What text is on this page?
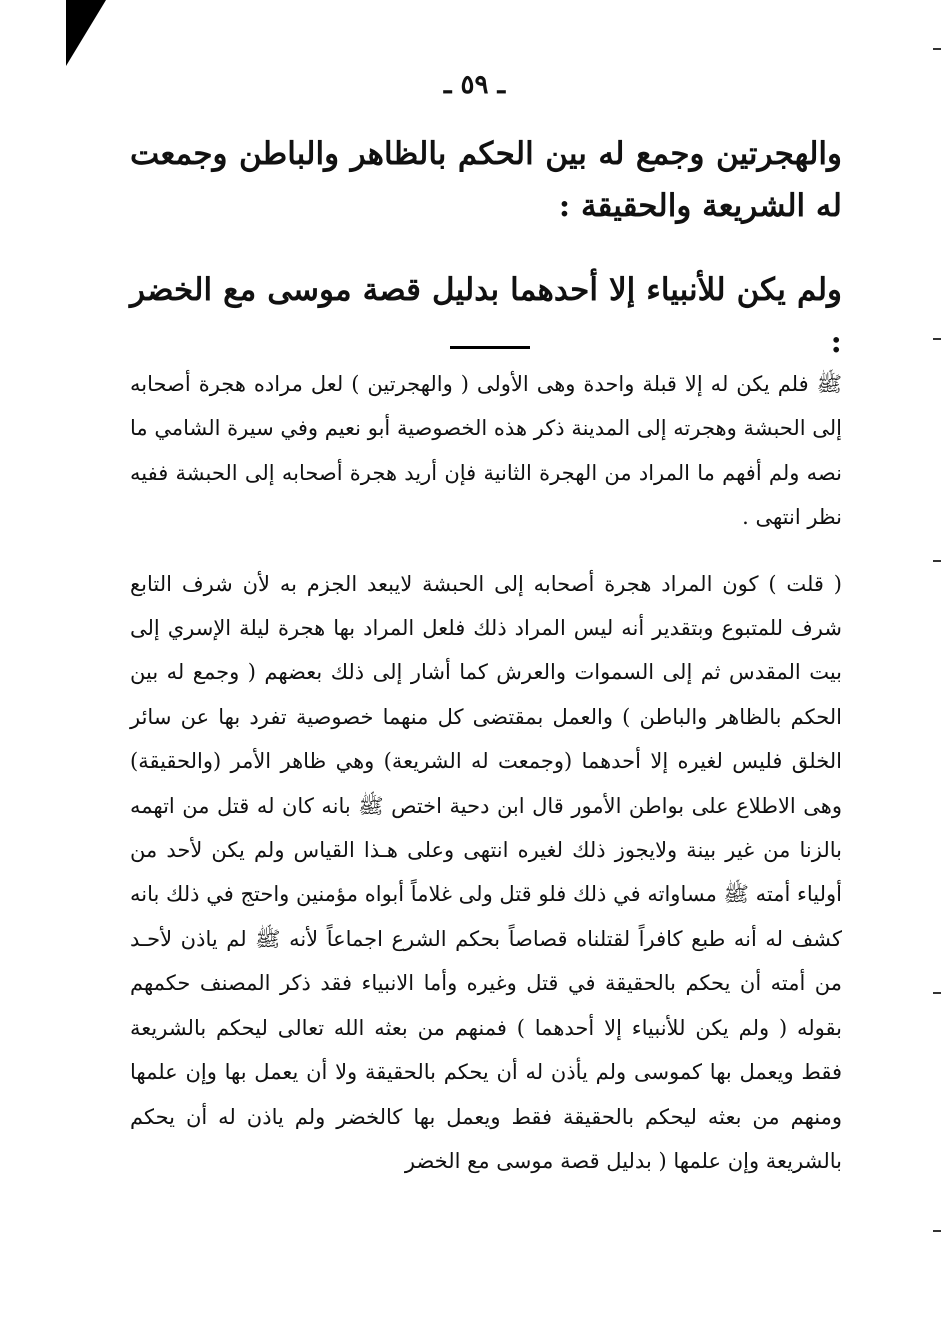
ـ ٥٩ ـ

والهجرتين وجمع له بين الحكم بالظاهر والباطن وجمعت له الشريعة والحقيقة :

ولم يكن للأنبياء إلا أحدهما بدليل قصة موسى مع الخضر :

ﷺ فلم يكن له إلا قبلة واحدة وهى الأولى ( والهجرتين ) لعل مراده هجرة أصحابه إلى الحبشة وهجرته إلى المدينة ذكر هذه الخصوصية أبو نعيم وفي سيرة الشامي ما نصه ولم أفهم ما المراد من الهجرة الثانية فإن أريد هجرة أصحابه إلى الحبشة ففيه نظر انتهى .

( قلت ) كون المراد هجرة أصحابه إلى الحبشة لايبعد الجزم به لأن شرف التابع شرف للمتبوع وبتقدير أنه ليس المراد ذلك فلعل المراد بها هجرة ليلة الإسري إلى بيت المقدس ثم إلى السموات والعرش كما أشار إلى ذلك بعضهم ( وجمع له بين الحكم بالظاهر والباطن ) والعمل بمقتضى كل منهما خصوصية تفرد بها عن سائر الخلق فليس لغيره إلا أحدهما (وجمعت له الشريعة) وهي ظاهر الأمر (والحقيقة) وهى الاطلاع على بواطن الأمور قال ابن دحية اختص ﷺ بانه كان له قتل من اتهمه بالزنا من غير بينة ولايجوز ذلك لغيره انتهى وعلى هـذا القياس ولم يكن لأحد من أولياء أمته ﷺ مساواته في ذلك فلو قتل ولى غلاماً أبواه مؤمنين واحتج في ذلك بانه كشف له أنه طبع كافراً لقتلناه قصاصاً بحكم الشرع اجماعاً لأنه ﷺ لم ياذن لأحـد من أمته أن يحكم بالحقيقة في قتل وغيره وأما الانبياء فقد ذكر المصنف حكمهم بقوله ( ولم يكن للأنبياء إلا أحدهما ) فمنهم من بعثه الله تعالى ليحكم بالشريعة فقط ويعمل بها كموسى ولم يأذن له أن يحكم بالحقيقة ولا أن يعمل بها وإن علمها ومنهم من بعثه ليحكم بالحقيقة فقط ويعمل بها كالخضر ولم ياذن له أن يحكم بالشريعة وإن علمها ( بدليل قصة موسى مع الخضر
